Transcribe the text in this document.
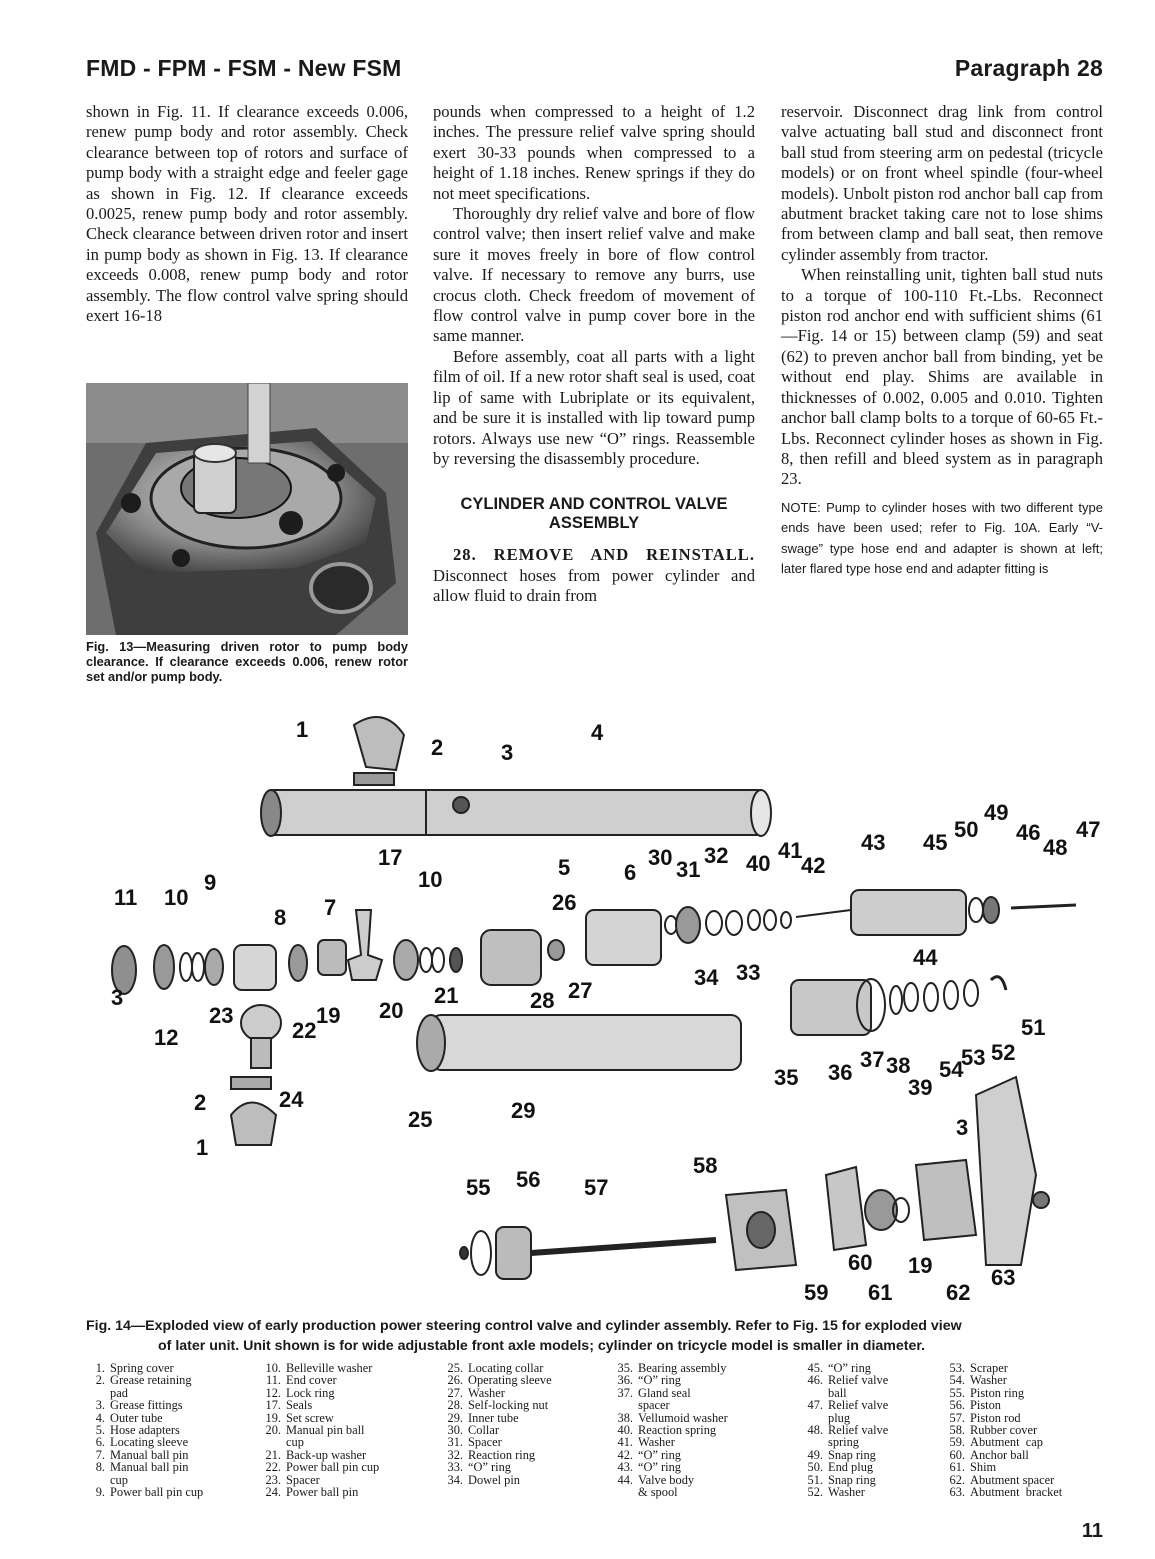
FMD - FPM - FSM - New FSM	Paragraph 28

shown in Fig. 11. If clearance exceeds 0.006, renew pump body and rotor assembly. Check clearance between top of rotors and surface of pump body with a straight edge and feeler gage as shown in Fig. 12. If clearance exceeds 0.0025, renew pump body and rotor assembly. Check clearance between driven rotor and insert in pump body as shown in Fig. 13. If clearance exceeds 0.008, renew pump body and rotor assembly. The flow control valve spring should exert 16-18

Fig. 13—Measuring driven rotor to pump body clearance. If clearance exceeds 0.006, renew rotor set and/or pump body.

pounds when compressed to a height of 1.2 inches. The pressure relief valve spring should exert 30-33 pounds when compressed to a height of 1.18 inches. Renew springs if they do not meet specifications.

Thoroughly dry relief valve and bore of flow control valve; then insert relief valve and make sure it moves freely in bore of flow control valve. If necessary to remove any burrs, use crocus cloth. Check freedom of movement of flow control valve in pump cover bore in the same manner.

Before assembly, coat all parts with a light film of oil. If a new rotor shaft seal is used, coat lip of same with Lubriplate or its equivalent, and be sure it is installed with lip toward pump rotors. Always use new “O” rings. Reassemble by reversing the disassembly procedure.

CYLINDER AND CONTROL VALVE
ASSEMBLY

28. REMOVE AND REINSTALL. Disconnect hoses from power cylinder and allow fluid to drain from

reservoir. Disconnect drag link from control valve actuating ball stud and disconnect front ball stud from steering arm on pedestal (tricycle models) or on front wheel spindle (four-wheel models). Unbolt piston rod anchor ball cap from abutment bracket taking care not to lose shims from between clamp and ball seat, then remove cylinder assembly from tractor.

When reinstalling unit, tighten ball stud nuts to a torque of 100-110 Ft.-Lbs. Reconnect piston rod anchor end with sufficient shims (61—Fig. 14 or 15) between clamp (59) and seat (62) to preven anchor ball from binding, yet be without end play. Shims are available in thicknesses of 0.002, 0.005 and 0.010. Tighten anchor ball clamp bolts to a torque of 60-65 Ft.-Lbs. Reconnect cylinder hoses as shown in Fig. 8, then refill and bleed system as in paragraph 23.

NOTE: Pump to cylinder hoses with two different type ends have been used; refer to Fig. 10A. Early “V-swage” type hose end and adapter is shown at left; later flared type hose end and adapter fitting is

1
1
2
2
3
3
3
4
5 6
7
8
9
10
10
11
12
17
19
19
20
21
22
23
24
25
26
27
28
29
30 31
32
33
34
35 36
37 38
39
40
41
42
43
44
45	46 47
48
49
50
51
52
53
54
55 56 57
58
59
60
61 62
63
Fig. 14—Exploded view of early production power steering control valve and cylinder assembly. Refer to Fig. 15 for exploded view
of later unit. Unit shown is for wide adjustable front axle models; cylinder on tricycle model is smaller in diameter.
1. Spring cover
2. Grease retaining
pad
3. Grease fittings
4. Outer tube
5. Hose adapters
6. Locating sleeve
7. Manual ball pin
8. Manual ball pin
cup
9. Power ball pin cup
10. Belleville washer
11. End cover
12. Lock ring
17. Seals
19. Set screw
20. Manual pin ball
cup
21. Back-up washer
22. Power ball pin cup
23. Spacer
24. Power ball pin
25. Locating collar
26. Operating sleeve
27. Washer
28. Self-locking nut
29. Inner tube
30. Collar
31. Spacer
32. Reaction ring
33. “O” ring
34. Dowel pin
35. Bearing assembly
36. “O” ring
37. Gland seal
spacer
38. Vellumoid washer
40. Reaction spring
41. Washer
42. “O” ring
43. “O” ring
44. Valve body
& spool
45. “O” ring
46. Relief valve
ball
47. Relief valve
plug
48. Relief valve
spring
49. Snap ring
50. End plug
51. Snap ring
52. Washer
53. Scraper
54. Washer
55. Piston ring
56. Piston
57. Piston rod
58. Rubber cover
59. Abutment  cap
60. Anchor ball
61. Shim
62. Abutment spacer
63. Abutment  bracket
11
